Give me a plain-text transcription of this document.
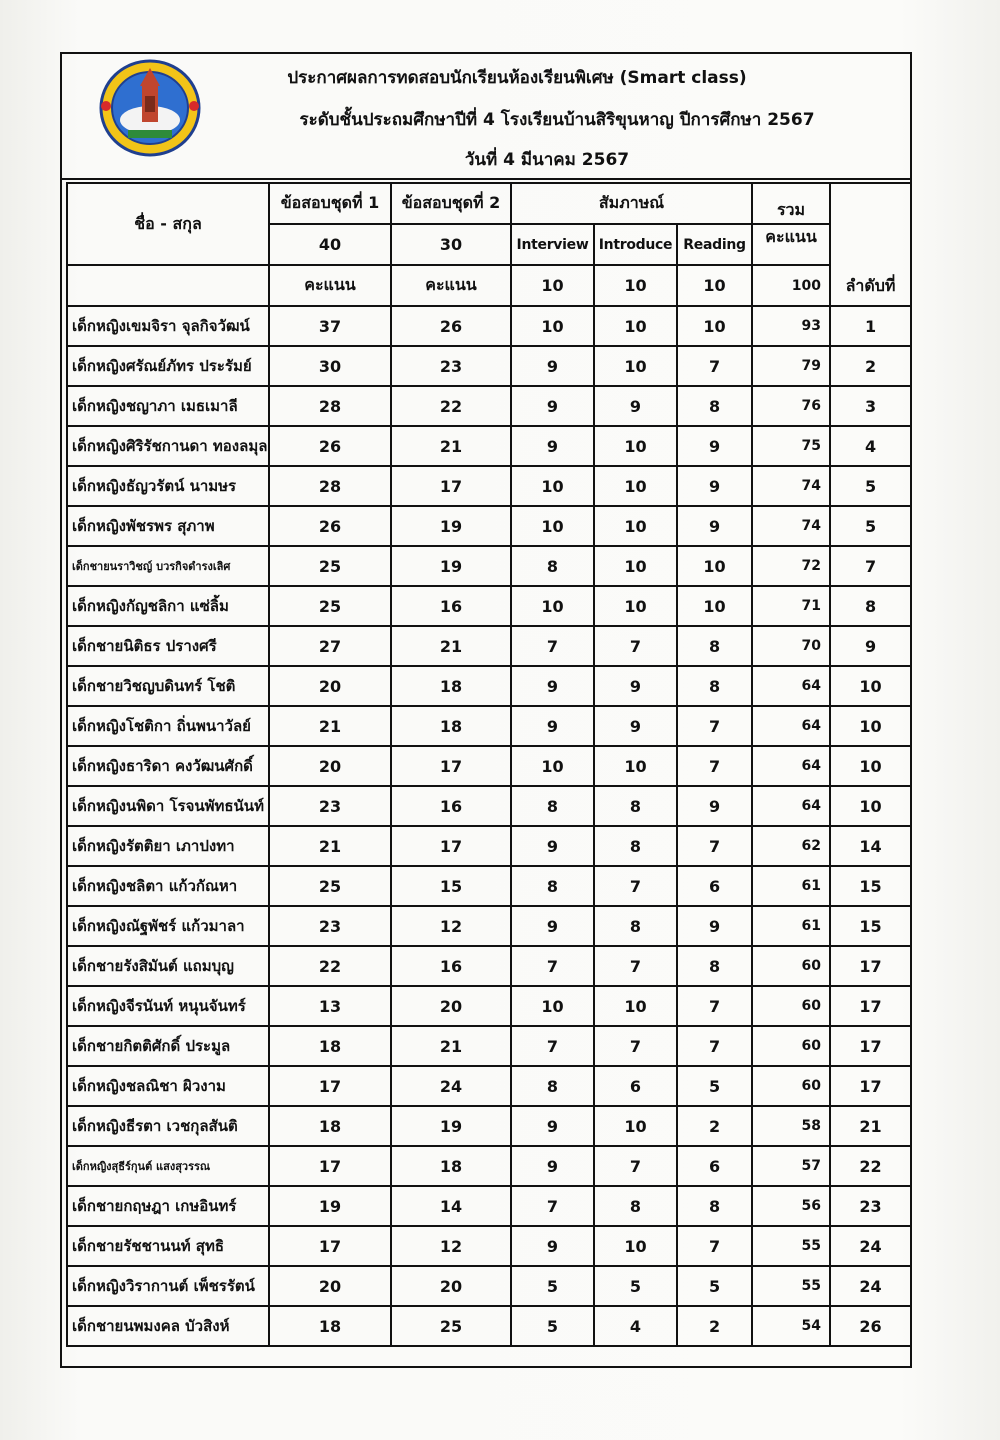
ประกาศผลการทดสอบนักเรียนห้องเรียนพิเศษ (Smart class)
ระดับชั้นประถมศึกษาปีที่ 4 โรงเรียนบ้านสิริขุนหาญ ปีการศึกษา 2567
วันที่ 4 มีนาคม 2567
ชื่อ - สกุล	ข้อสอบชุดที่ 1	ข้อสอบชุดที่ 2	สัมภาษณ์			รวม	ลำดับที่
	40	30	Interview	Introduce	Reading	คะแนน	
	คะแนน	คะแนน	10	10	10	100	
เด็กหญิงเขมจิรา จุลกิจวัฒน์	37	26	10	10	10	93	1
เด็กหญิงศรัณย์ภัทร ประรัมย์	30	23	9	10	7	79	2
เด็กหญิงชญาภา เมธเมาลี	28	22	9	9	8	76	3
เด็กหญิงศิริรัชกานดา ทองลมุล	26	21	9	10	9	75	4
เด็กหญิงธัญวรัตน์ นามษร	28	17	10	10	9	74	5
เด็กหญิงพัชรพร สุภาพ	26	19	10	10	9	74	5
เด็กชายนราวิชญ์ บวรกิจดำรงเลิศ	25	19	8	10	10	72	7
เด็กหญิงกัญชลิกา แซ่ลิ้ม	25	16	10	10	10	71	8
เด็กชายนิติธร ปรางศรี	27	21	7	7	8	70	9
เด็กชายวิชญบดินทร์ โชติ	20	18	9	9	8	64	10
เด็กหญิงโชติกา ถิ่นพนาวัลย์	21	18	9	9	7	64	10
เด็กหญิงธาริดา คงวัฒนศักดิ์	20	17	10	10	7	64	10
เด็กหญิงนพิดา โรจนพัทธนันท์	23	16	8	8	9	64	10
เด็กหญิงรัตติยา เภาปงทา	21	17	9	8	7	62	14
เด็กหญิงชลิตา แก้วกัณหา	25	15	8	7	6	61	15
เด็กหญิงณัฐพัชร์ แก้วมาลา	23	12	9	8	9	61	15
เด็กชายรังสิมันต์ แถมบุญ	22	16	7	7	8	60	17
เด็กหญิงจีรนันท์ หนุนจันทร์	13	20	10	10	7	60	17
เด็กชายกิตติศักดิ์ ประมูล	18	21	7	7	7	60	17
เด็กหญิงชลณิชา ผิวงาม	17	24	8	6	5	60	17
เด็กหญิงธีรตา เวชกุลสันติ	18	19	9	10	2	58	21
เด็กหญิงสุธีร์กุนต์ แสงสุวรรณ	17	18	9	7	6	57	22
เด็กชายกฤษฎา เกษอินทร์	19	14	7	8	8	56	23
เด็กชายรัชชานนท์ สุทธิ	17	12	9	10	7	55	24
เด็กหญิงวิรากานต์ เพ็ชรรัตน์	20	20	5	5	5	55	24
เด็กชายนพมงคล บัวสิงห์	18	25	5	4	2	54	26
